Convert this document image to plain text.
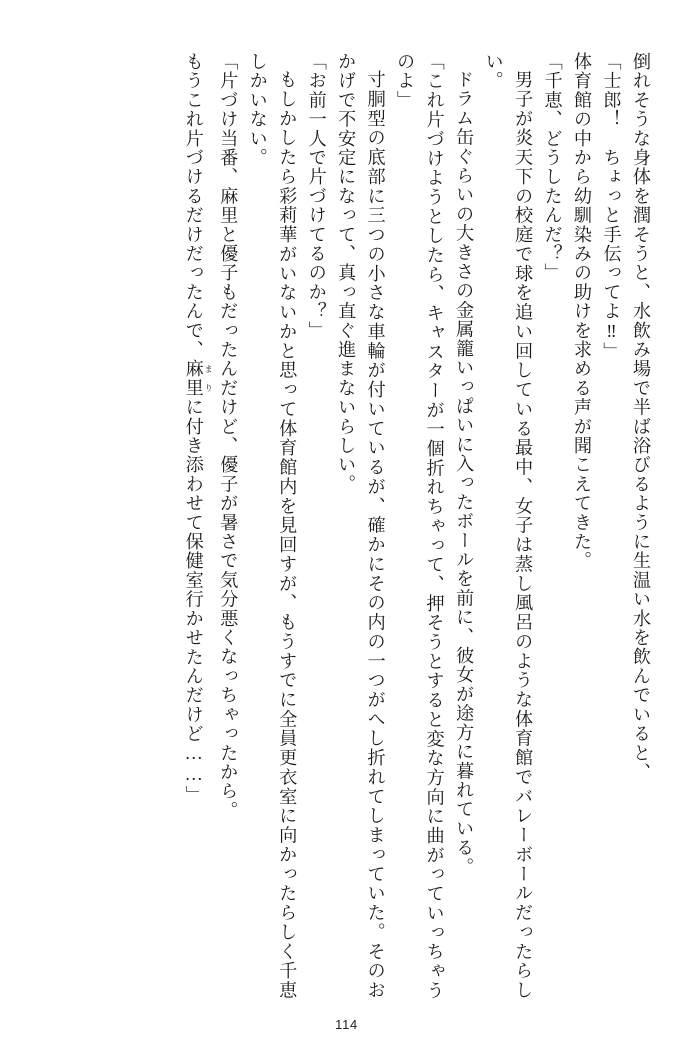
倒れそうな身体を潤そうと、水飲み場で半ば浴びるように生温い水を飲んでいると、

「士郎！　ちょっと手伝ってよ‼」

体育館の中から幼馴染みの助けを求める声が聞こえてきた。

「千恵、どうしたんだ？」

男子が炎天下の校庭で球を追い回している最中、女子は蒸し風呂のような体育館でバレーボールだったらしい。

ドラム缶ぐらいの大きさの金属籠いっぱいに入ったボールを前に、彼女が途方に暮れている。

「これ片づけようとしたら、キャスターが一個折れちゃって、押そうとすると変な方向に曲がっていっちゃうのよ」

寸胴型の底部に三つの小さな車輪が付いているが、確かにその内の一つがへし折れてしまっていた。そのおかげで不安定になって、真っ直ぐ進まないらしい。

「お前一人で片づけてるのか？」

もしかしたら彩莉華がいないかと思って体育館内を見回すが、もうすでに全員更衣室に向かったらしく千恵しかいない。

「片づけ当番、麻里と優子もだったんだけど、優子が暑さで気分悪くなっちゃったから。

もうこれ片づけるだけだったんで、麻里 まりに付き添わせて保健室行かせたんだけど……」

114
